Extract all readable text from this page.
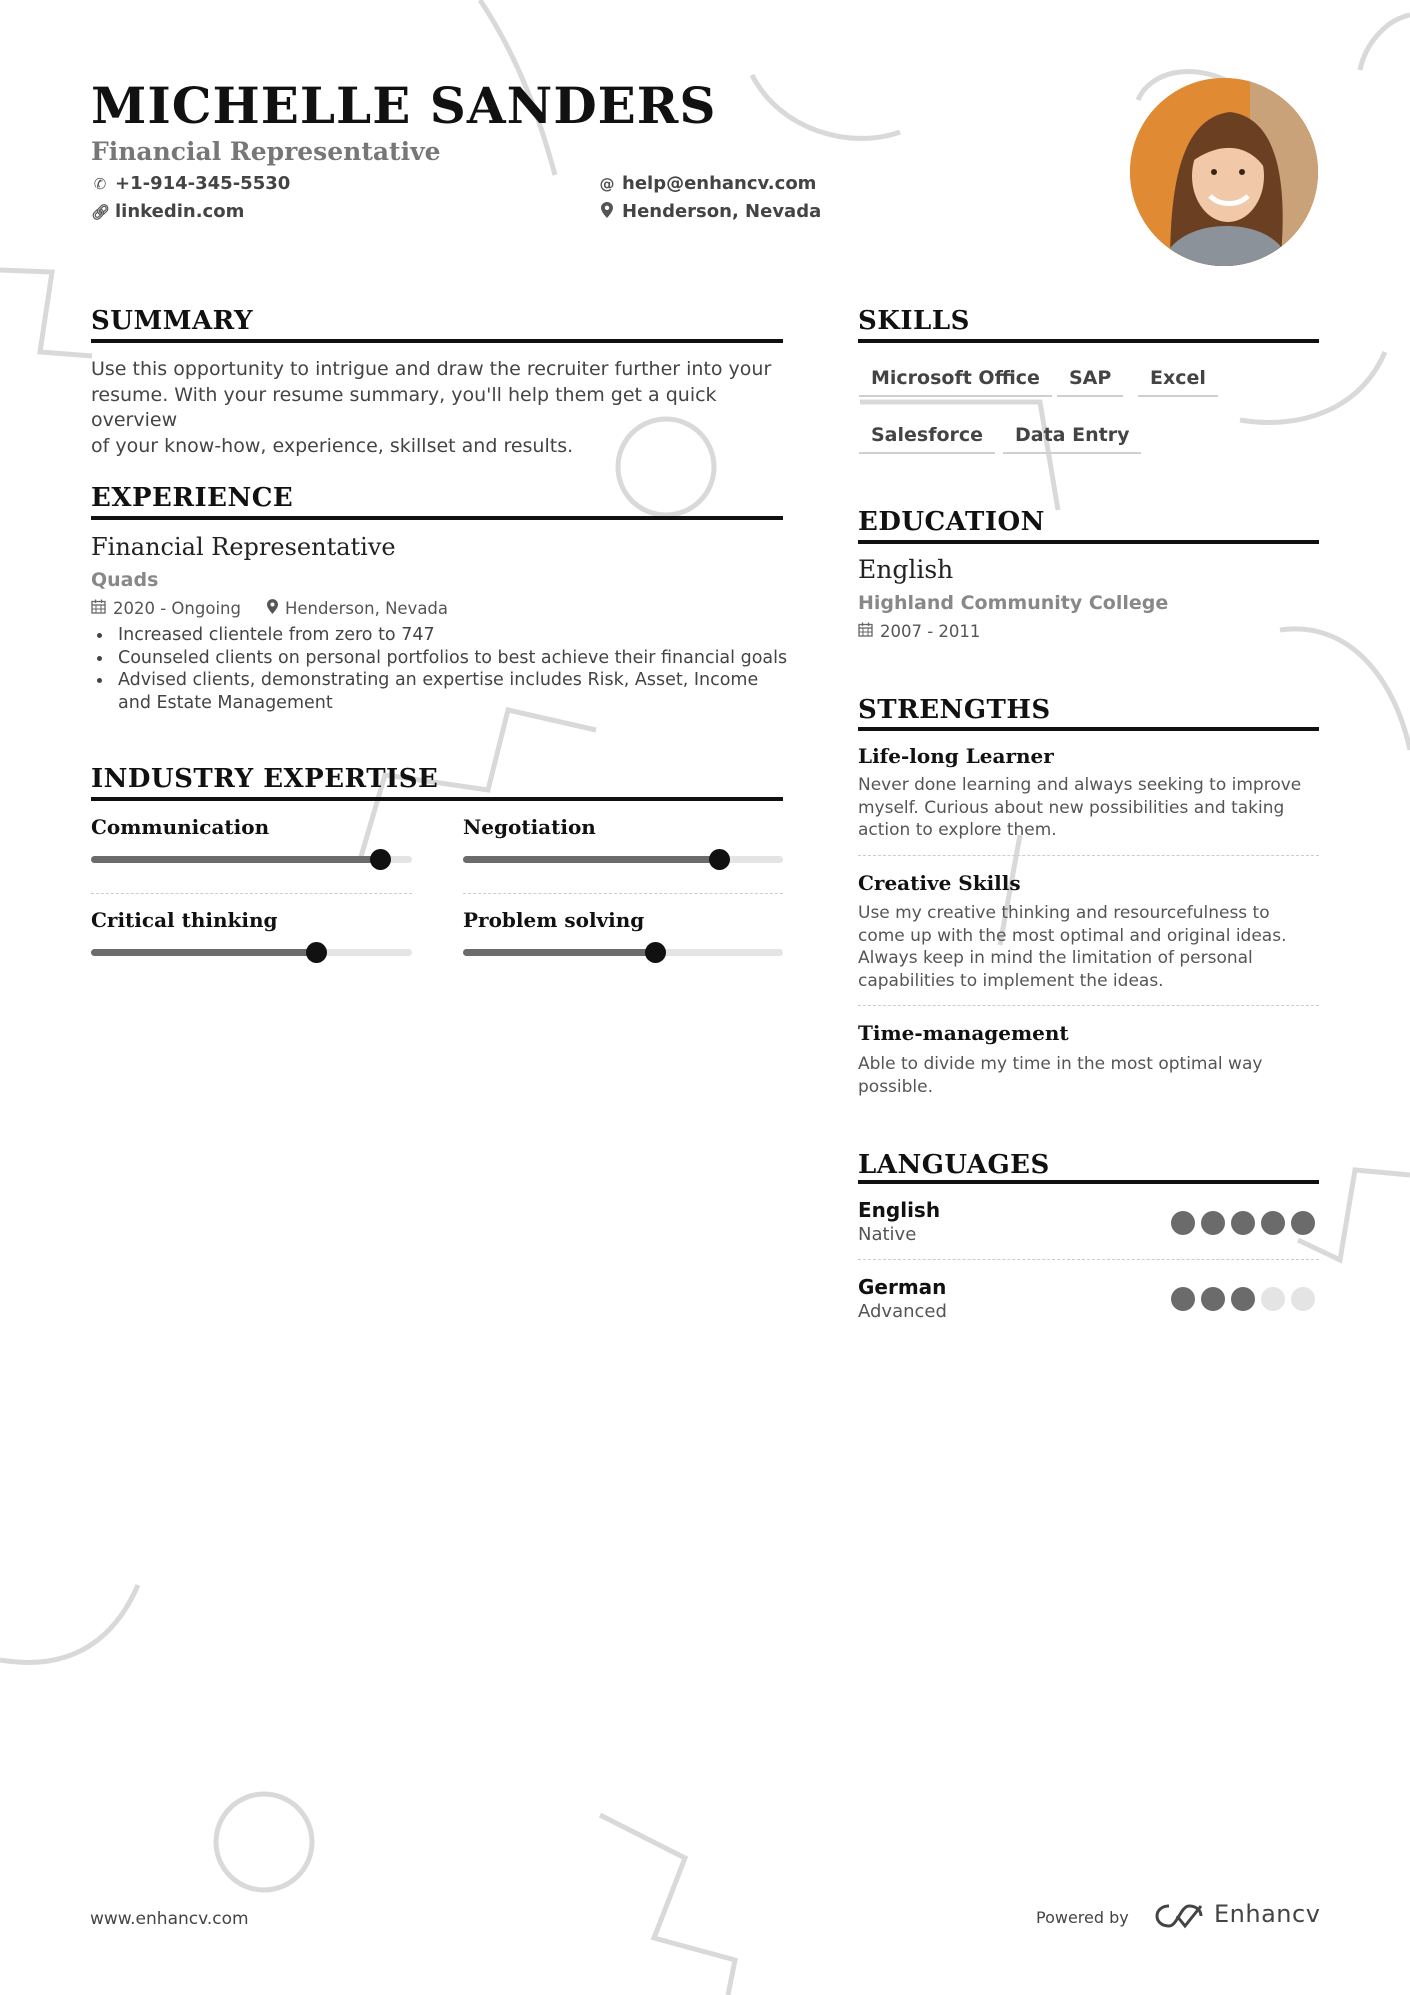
MICHELLE SANDERS
Financial Representative
✆ +1-914-345-5530	@ help@enhancv.com
🔗︎ linkedin.com	Henderson, Nevada
SUMMARY
Use this opportunity to intrigue and draw the recruiter further into your
resume. With your resume summary, you'll help them get a quick overview
of your know-how, experience, skillset and results.
EXPERIENCE
Financial Representative
Quads
2020 - Ongoing	Henderson, Nevada
Increased clientele from zero to 747
Counseled clients on personal portfolios to best achieve their financial goals
Advised clients, demonstrating an expertise includes Risk, Asset, Income and Estate Management
INDUSTRY EXPERTISE
Communication	Negotiation
Critical thinking	Problem solving
SKILLS
Microsoft Office	SAP	Excel
Salesforce	Data Entry
EDUCATION
English
Highland Community College
2007 - 2011
STRENGTHS
Life-long Learner
Never done learning and always seeking to improve
myself. Curious about new possibilities and taking
action to explore them.
Creative Skills
Use my creative thinking and resourcefulness to
come up with the most optimal and original ideas.
Always keep in mind the limitation of personal
capabilities to implement the ideas.
Time-management
Able to divide my time in the most optimal way
possible.
LANGUAGES
English
Native
German
Advanced
www.enhancv.com	Powered by	Enhancv
